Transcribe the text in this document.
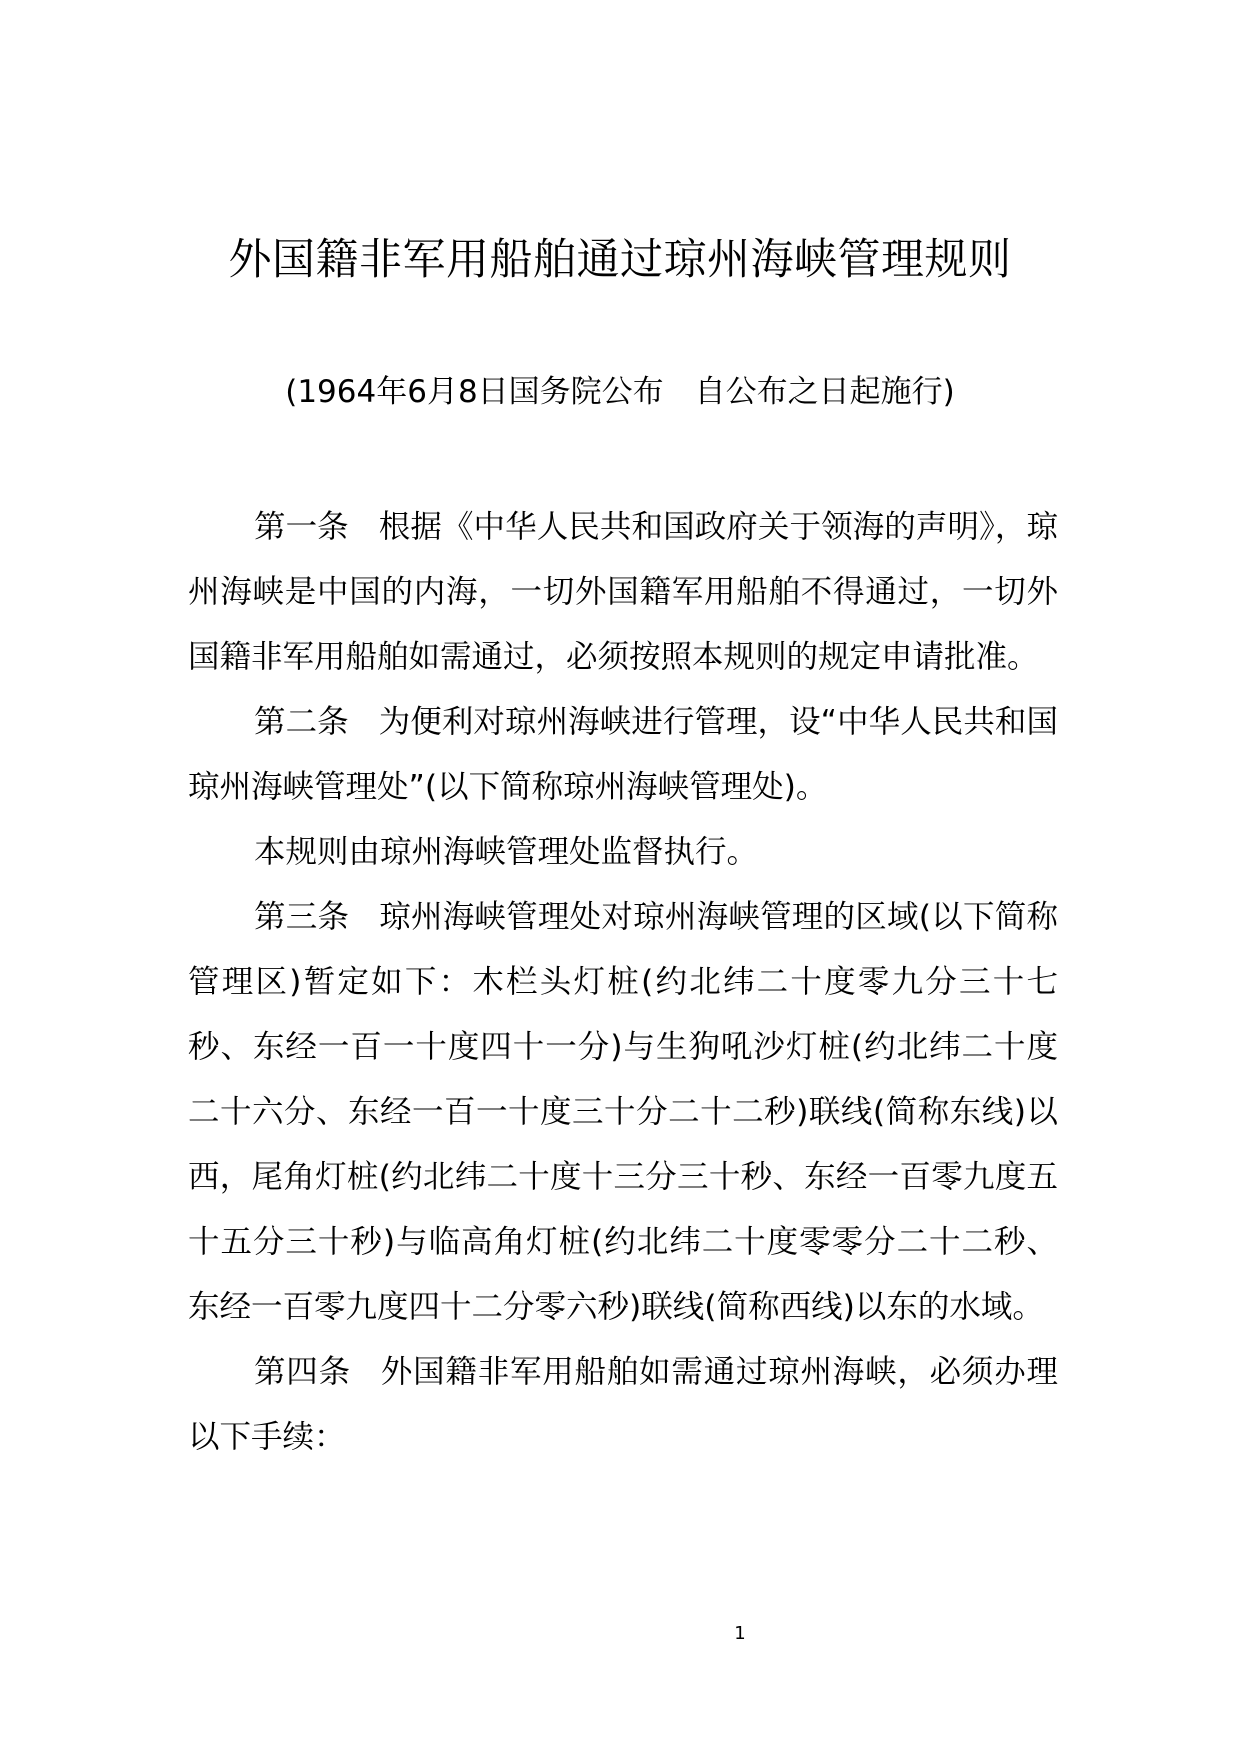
外国籍非军用船舶通过琼州海峡管理规则

(1964年6月8日国务院公布　自公布之日起施行)

第一条 根据《中华人民共和国政府关于领海的声明》，琼州海峡是中国的内海，一切外国籍军用船舶不得通过，一切外国籍非军用船舶如需通过，必须按照本规则的规定申请批准。

第二条 为便利对琼州海峡进行管理，设“中华人民共和国琼州海峡管理处”(以下简称琼州海峡管理处)。

本规则由琼州海峡管理处监督执行。

第三条 琼州海峡管理处对琼州海峡管理的区域(以下简称管理区)暂定如下：木栏头灯桩(约北纬二十度零九分三十七秒、东经一百一十度四十一分)与生狗吼沙灯桩(约北纬二十度二十六分、东经一百一十度三十分二十二秒)联线(简称东线)以西，尾角灯桩(约北纬二十度十三分三十秒、东经一百零九度五十五分三十秒)与临高角灯桩(约北纬二十度零零分二十二秒、东经一百零九度四十二分零六秒)联线(简称西线)以东的水域。

第四条 外国籍非军用船舶如需通过琼州海峡，必须办理以下手续：

1
